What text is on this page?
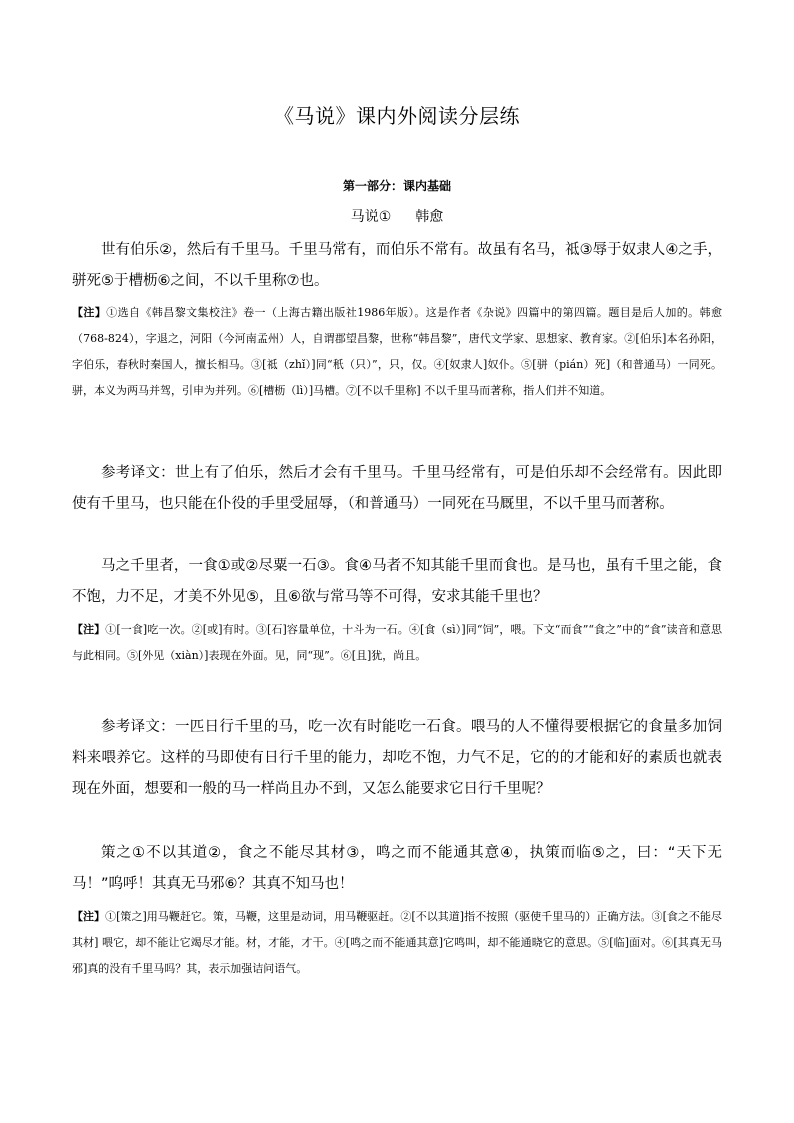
《马说》课内外阅读分层练
第一部分：课内基础
马说① 韩愈

世有伯乐②，然后有千里马。千里马常有，而伯乐不常有。故虽有名马，祗③辱于奴隶人④之手，骈死⑤于槽枥⑥之间，不以千里称⑦也。

【注】①选自《韩昌黎文集校注》卷一（上海古籍出版社1986年版）。这是作者《杂说》四篇中的第四篇。题目是后人加的。韩愈（768-824），字退之，河阳（今河南孟州）人，自谓郡望昌黎，世称“韩昌黎”，唐代文学家、思想家、教育家。②[伯乐]本名孙阳，字伯乐，春秋时秦国人，擅长相马。③[祗（zhǐ）]同“秖（只）”，只，仅。④[奴隶人]奴仆。⑤[骈（pián）死]（和普通马）一同死。骈，本义为两马并驾，引申为并列。⑥[槽枥（lì）]马槽。⑦[不以千里称] 不以千里马而著称，指人们并不知道。

参考译文：世上有了伯乐，然后才会有千里马。千里马经常有，可是伯乐却不会经常有。因此即使有千里马，也只能在仆役的手里受屈辱，（和普通马）一同死在马厩里，不以千里马而著称。

马之千里者，一食①或②尽粟一石③。食④马者不知其能千里而食也。是马也，虽有千里之能，食不饱，力不足，才美不外见⑤，且⑥欲与常马等不可得，安求其能千里也？

【注】①[一食]吃一次。②[或]有时。③[石]容量单位，十斗为一石。④[食（sì）]同“饲”，喂。下文“而食”“食之”中的“食”读音和意思与此相同。⑤[外见（xiàn）]表现在外面。见，同“现”。⑥[且]犹，尚且。

参考译文：一匹日行千里的马，吃一次有时能吃一石食。喂马的人不懂得要根据它的食量多加饲料来喂养它。这样的马即使有日行千里的能力，却吃不饱，力气不足，它的的才能和好的素质也就表现在外面，想要和一般的马一样尚且办不到，又怎么能要求它日行千里呢？

策之①不以其道②，食之不能尽其材③，鸣之而不能通其意④，执策而临⑤之，曰：“天下无马！”呜呼！其真无马邪⑥？其真不知马也！

【注】①[策之]用马鞭赶它。策，马鞭，这里是动词，用马鞭驱赶。②[不以其道]指不按照（驱使千里马的）正确方法。③[食之不能尽其材] 喂它，却不能让它竭尽才能。材，才能，才干。④[鸣之而不能通其意]它鸣叫，却不能通晓它的意思。⑤[临]面对。⑥[其真无马邪]真的没有千里马吗？其，表示加强诘问语气。
